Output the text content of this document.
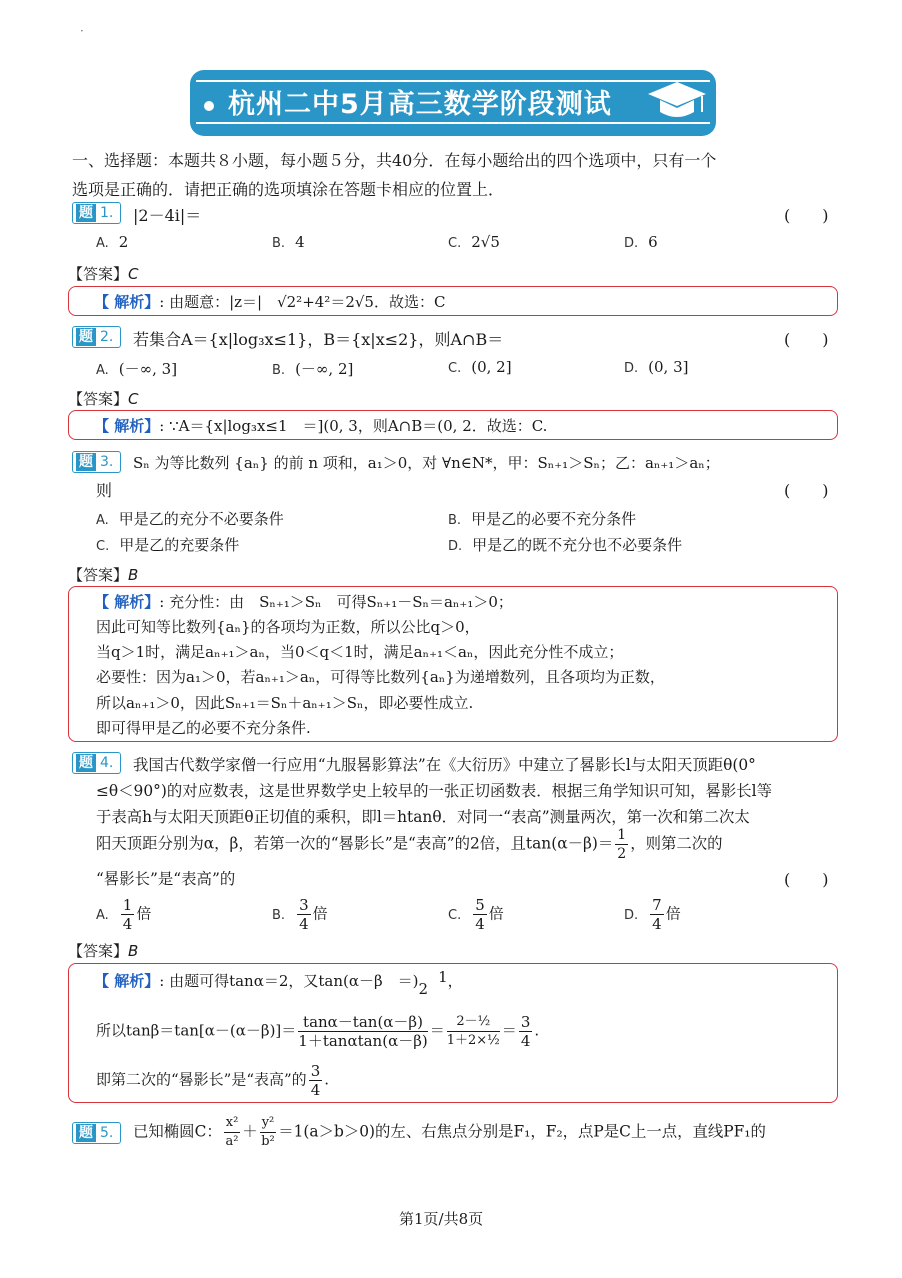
·
杭州二中5月高三数学阶段测试
一、选择题：本题共８小题，每小题５分，共40分．在每小题给出的四个选项中，只有一个
选项是正确的．请把正确的选项填涂在答题卡相应的位置上．
题 1.	|2－4i|＝	(　　)
A. 2	B. 4	C. 2√5	D. 6
【答案】C
【 解析】: 由题意：|z＝|　√2²+4²＝2√5．故选：C
题 2.	若集合A＝{x|log₃x≤1}，B＝{x|x≤2}，则A∩B＝	(　　)
A. (－∞, 3]	B. (－∞, 2]	C. (0, 2]	D. (0, 3]
【答案】C
【 解析】: ∵A＝{x|log₃x≤1　＝](0, 3，则A∩B＝(0, 2．故选：C.
题 3.	Sₙ 为等比数列 {aₙ} 的前 n 项和，a₁＞0，对 ∀n∈N*，甲：Sₙ₊₁＞Sₙ；乙：aₙ₊₁＞aₙ；
则	(　　)
A. 甲是乙的充分不必要条件	B. 甲是乙的必要不充分条件
C. 甲是乙的充要条件	D. 甲是乙的既不充分也不必要条件
【答案】B
【 解析】: 充分性：由　Sₙ₊₁＞Sₙ　可得Sₙ₊₁－Sₙ＝aₙ₊₁＞0；
因此可知等比数列{aₙ}的各项均为正数，所以公比q＞0，
当q＞1时，满足aₙ₊₁＞aₙ，当0＜q＜1时，满足aₙ₊₁＜aₙ，因此充分性不成立；
必要性：因为a₁＞0，若aₙ₊₁＞aₙ，可得等比数列{aₙ}为递增数列，且各项均为正数，
所以aₙ₊₁＞0，因此Sₙ₊₁＝Sₙ＋aₙ₊₁＞Sₙ，即必要性成立.
即可得甲是乙的必要不充分条件.
题 4.	我国古代数学家僧一行应用“九服晷影算法”在《大衍历》中建立了晷影长l与太阳天顶距θ(0°
≤θ＜90°)的对应数表，这是世界数学史上较早的一张正切函数表．根据三角学知识可知，晷影长l等
于表高h与太阳天顶距θ正切值的乘积，即l＝htanθ．对同一“表高”测量两次，第一次和第二次太
阳天顶距分别为α，β，若第一次的“晷影长”是“表高”的2倍，且$\tan(\alpha-\beta)= \frac{1}{2}$ ，则第二次的
“晷影长”是“表高”的	(　　)
A. $\frac{1}{4}$ 倍	B. $\frac{3}{4}$ 倍	C. $\frac{5}{4}$ 倍	D. $\frac{7}{4}$ 倍
【答案】B
【 解析】: 由题可得tanα＝2，又tan(α－β　＝)21，
所以$\tan\beta=\tan[\alpha-(\alpha-\beta)]= \frac{\tan\alpha-\tan(\alpha-\beta)}{1+\tan\alpha\tan(\alpha-\beta)} = \frac{\text{2－½}}{\text{1＋2×½}} = \frac{3}{4}$ .
即第二次的“晷影长”是“表高”的 $\frac{3}{4}$ .
题 5.	已知椭圆C： $\frac{\text{x²}}{\text{a²}} + \frac{\text{y²}}{\text{b²}} =1(a>b>0)$的左、右焦点分别是F₁，F₂，点P是C上一点，直线PF₁的
第1页/共8页
